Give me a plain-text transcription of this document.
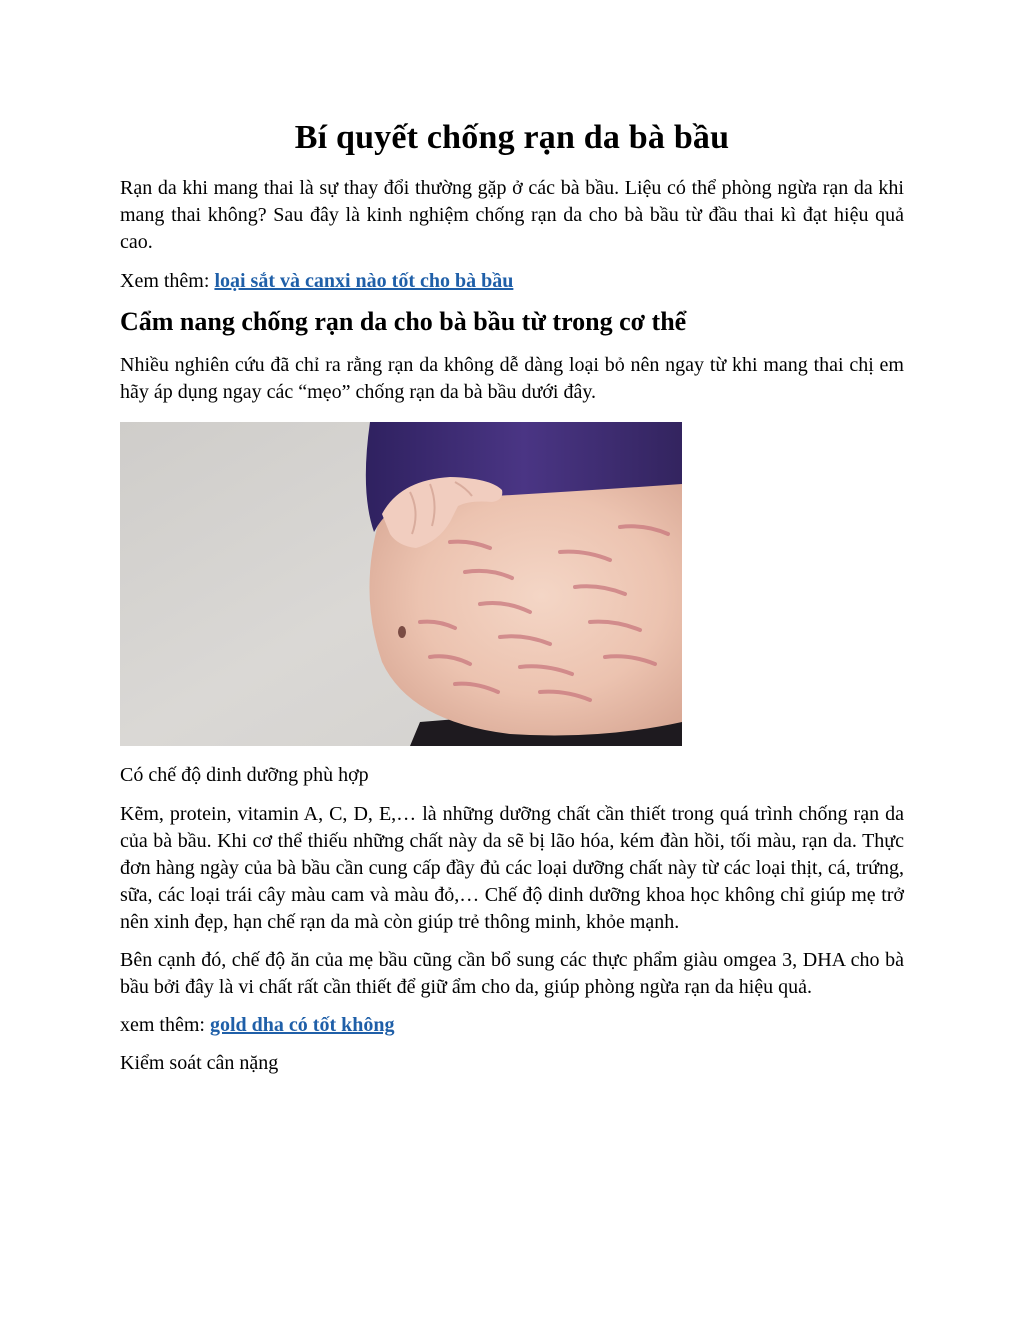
Bí quyết chống rạn da bà bầu

Rạn da khi mang thai là sự thay đổi thường gặp ở các bà bầu. Liệu có thể phòng ngừa rạn da khi mang thai không? Sau đây là kinh nghiệm chống rạn da cho bà bầu từ đầu thai kì đạt hiệu quả cao.

Xem thêm: loại sắt và canxi nào tốt cho bà bầu

Cẩm nang chống rạn da cho bà bầu từ trong cơ thể

Nhiều nghiên cứu đã chỉ ra rằng rạn da không dễ dàng loại bỏ nên ngay từ khi mang thai chị em hãy áp dụng ngay các “mẹo” chống rạn da bà bầu dưới đây.

Có chế độ dinh dưỡng phù hợp

Kẽm, protein, vitamin A, C, D, E,… là những dưỡng chất cần thiết trong quá trình chống rạn da của bà bầu. Khi cơ thể thiếu những chất này da sẽ bị lão hóa, kém đàn hồi, tối màu, rạn da. Thực đơn hàng ngày của bà bầu cần cung cấp đầy đủ các loại dưỡng chất này từ các loại thịt, cá, trứng, sữa, các loại trái cây màu cam và màu đỏ,… Chế độ dinh dưỡng khoa học không chỉ giúp mẹ trở nên xinh đẹp, hạn chế rạn da mà còn giúp trẻ thông minh, khỏe mạnh.

Bên cạnh đó, chế độ ăn của mẹ bầu cũng cần bổ sung các thực phẩm giàu omgea 3, DHA cho bà bầu bởi đây là vi chất rất cần thiết để giữ ẩm cho da, giúp phòng ngừa rạn da hiệu quả.

xem thêm: gold dha có tốt không

Kiểm soát cân nặng
